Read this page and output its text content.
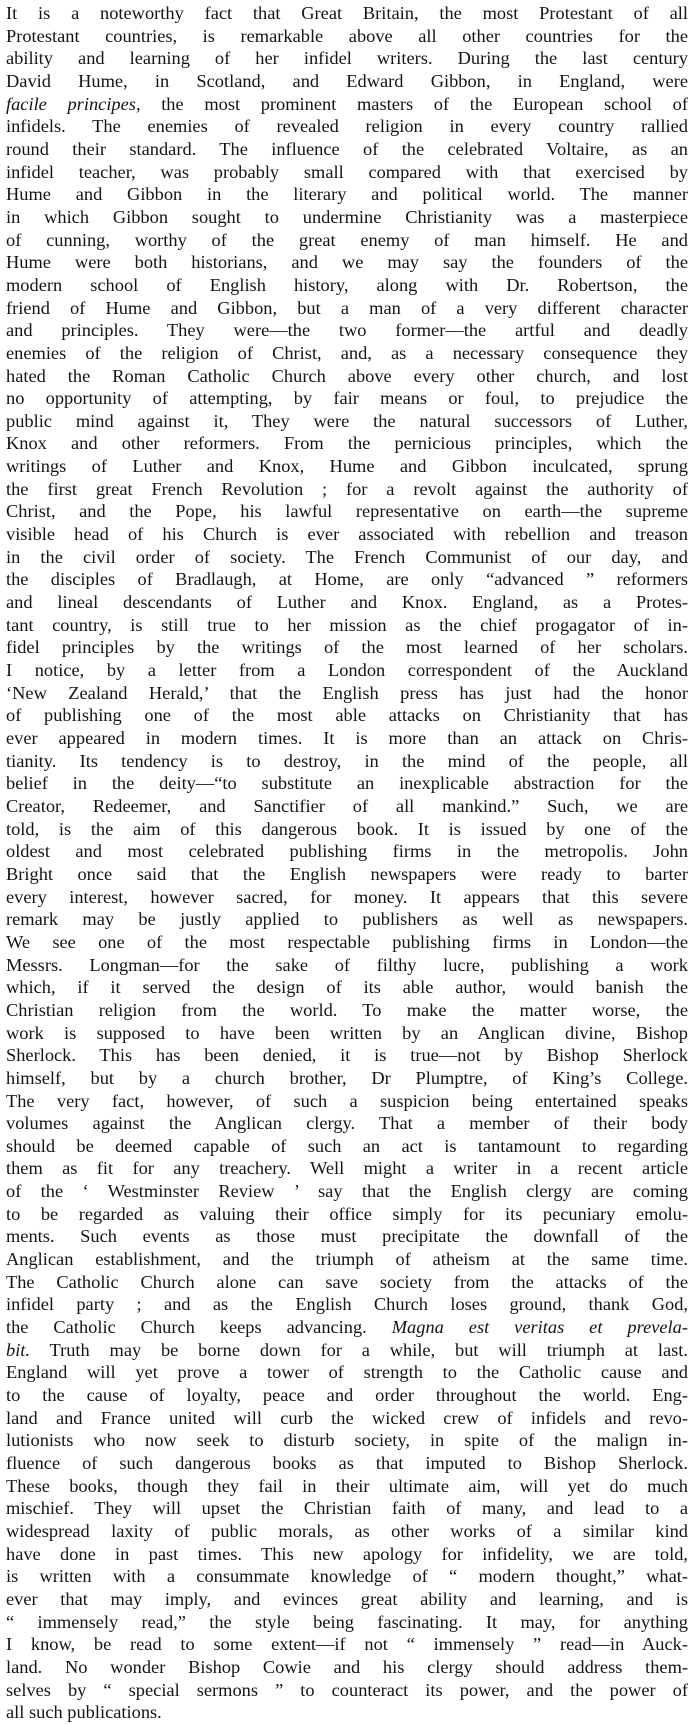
It is a noteworthy fact that Great Britain, the most Protestant of all
Protestant countries, is remarkable above all other countries for the
ability and learning of her infidel writers. During the last century
David Hume, in Scotland, and Edward Gibbon, in England, were
facile principes, the most prominent masters of the European school of
infidels. The enemies of revealed religion in every country rallied
round their standard. The influence of the celebrated Voltaire, as an
infidel teacher, was probably small compared with that exercised by
Hume and Gibbon in the literary and political world. The manner
in which Gibbon sought to undermine Christianity was a masterpiece
of cunning, worthy of the great enemy of man himself. He and
Hume were both historians, and we may say the founders of the
modern school of English history, along with Dr. Robertson, the
friend of Hume and Gibbon, but a man of a very different character
and principles. They were—the two former—the artful and deadly
enemies of the religion of Christ, and, as a necessary consequence they
hated the Roman Catholic Church above every other church, and lost
no opportunity of attempting, by fair means or foul, to prejudice the
public mind against it, They were the natural successors of Luther,
Knox and other reformers. From the pernicious principles, which the
writings of Luther and Knox, Hume and Gibbon inculcated, sprung
the first great French Revolution ; for a revolt against the authority of
Christ, and the Pope, his lawful representative on earth—the supreme
visible head of his Church is ever associated with rebellion and treason
in the civil order of society. The French Communist of our day, and
the disciples of Bradlaugh, at Home, are only “advanced ” reformers
and lineal descendants of Luther and Knox. England, as a Protes-
tant country, is still true to her mission as the chief progagator of in-
fidel principles by the writings of the most learned of her scholars.
I notice, by a letter from a London correspondent of the Auckland
‘New Zealand Herald,’ that the English press has just had the honor
of publishing one of the most able attacks on Christianity that has
ever appeared in modern times. It is more than an attack on Chris-
tianity. Its tendency is to destroy, in the mind of the people, all
belief in the deity—“to substitute an inexplicable abstraction for the
Creator, Redeemer, and Sanctifier of all mankind.” Such, we are
told, is the aim of this dangerous book. It is issued by one of the
oldest and most celebrated publishing firms in the metropolis. John
Bright once said that the English newspapers were ready to barter
every interest, however sacred, for money. It appears that this severe
remark may be justly applied to publishers as well as newspapers.
We see one of the most respectable publishing firms in London—the
Messrs. Longman—for the sake of filthy lucre, publishing a work
which, if it served the design of its able author, would banish the
Christian religion from the world. To make the matter worse, the
work is supposed to have been written by an Anglican divine, Bishop
Sherlock. This has been denied, it is true—not by Bishop Sherlock
himself, but by a church brother, Dr Plumptre, of King’s College.
The very fact, however, of such a suspicion being entertained speaks
volumes against the Anglican clergy. That a member of their body
should be deemed capable of such an act is tantamount to regarding
them as fit for any treachery. Well might a writer in a recent article
of the ‘ Westminster Review ’ say that the English clergy are coming
to be regarded as valuing their office simply for its pecuniary emolu-
ments. Such events as those must precipitate the downfall of the
Anglican establishment, and the triumph of atheism at the same time.
The Catholic Church alone can save society from the attacks of the
infidel party ; and as the English Church loses ground, thank God,
the Catholic Church keeps advancing. Magna est veritas et prevela-
bit. Truth may be borne down for a while, but will triumph at last.
England will yet prove a tower of strength to the Catholic cause and
to the cause of loyalty, peace and order throughout the world. Eng-
land and France united will curb the wicked crew of infidels and revo-
lutionists who now seek to disturb society, in spite of the malign in-
fluence of such dangerous books as that imputed to Bishop Sherlock.
These books, though they fail in their ultimate aim, will yet do much
mischief. They will upset the Christian faith of many, and lead to a
widespread laxity of public morals, as other works of a similar kind
have done in past times. This new apology for infidelity, we are told,
is written with a consummate knowledge of “ modern thought,” what-
ever that may imply, and evinces great ability and learning, and is
“ immensely read,” the style being fascinating. It may, for anything
I know, be read to some extent—if not “ immensely ” read—in Auck-
land. No wonder Bishop Cowie and his clergy should address them-
selves by “ special sermons ” to counteract its power, and the power of
all such publications.
